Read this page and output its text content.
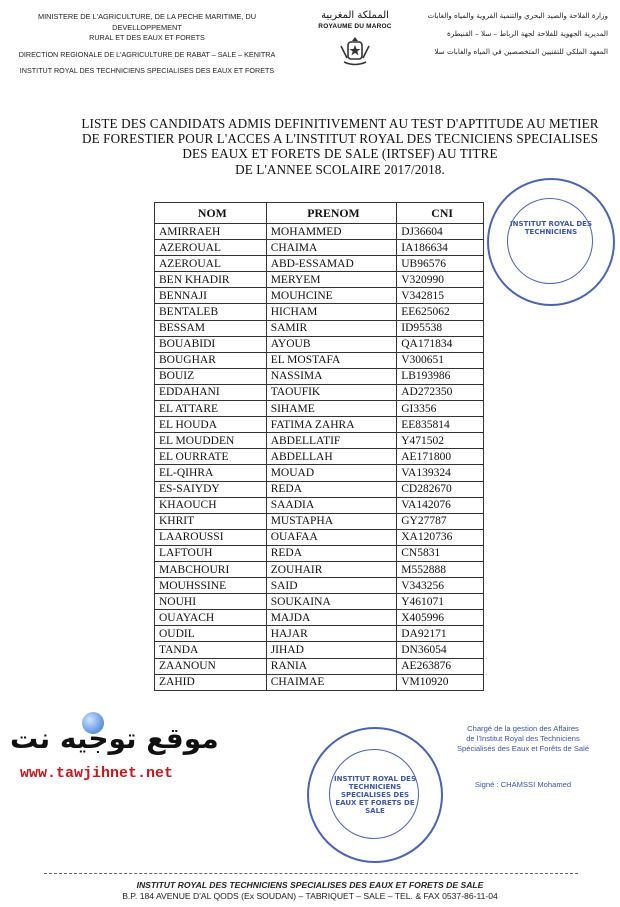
MINISTERE DE L'AGRICULTURE, DE LA PECHE MARITIME, DU DEVELLOPPEMENT
RURAL ET DES EAUX ET FORETS
DIRECTION REGIONALE DE L'AGRICULTURE DE RABAT – SALE – KENITRA
INSTITUT ROYAL DES TECHNICIENS SPECIALISES DES EAUX ET FORETS
المملكة المغربية
ROYAUME DU MAROC
وزارة الفلاحة والصيد البحري والتنمية القروية والمياه والغابات
المديرية الجهوية للفلاحة لجهة الرباط – سلا – القنيطرة
المعهد الملكي للتقنيين المتخصصين في المياه والغابات سلا
LISTE DES CANDIDATS ADMIS DEFINITIVEMENT AU TEST D'APTITUDE AU METIER
DE FORESTIER POUR L'ACCES A L'INSTITUT ROYAL DES TECNICIENS SPECIALISES
DES EAUX ET FORETS DE SALE (IRTSEF) AU TITRE
DE L'ANNEE SCOLAIRE 2017/2018.
NOM	PRENOM	CNI
AMIRRAEH	MOHAMMED	DJ36604
AZEROUAL	CHAIMA	IA186634
AZEROUAL	ABD-ESSAMAD	UB96576
BEN KHADIR	MERYEM	V320990
BENNAJI	MOUHCINE	V342815
BENTALEB	HICHAM	EE625062
BESSAM	SAMIR	ID95538
BOUABIDI	AYOUB	QA171834
BOUGHAR	EL MOSTAFA	V300651
BOUIZ	NASSIMA	LB193986
EDDAHANI	TAOUFIK	AD272350
EL ATTARE	SIHAME	GI3356
EL HOUDA	FATIMA ZAHRA	EE835814
EL MOUDDEN	ABDELLATIF	Y471502
EL OURRATE	ABDELLAH	AE171800
EL-QIHRA	MOUAD	VA139324
ES-SAIYDY	REDA	CD282670
KHAOUCH	SAADIA	VA142076
KHRIT	MUSTAPHA	GY27787
LAAROUSSI	OUAFAA	XA120736
LAFTOUH	REDA	CN5831
MABCHOURI	ZOUHAIR	M552888
MOUHSSINE	SAID	V343256
NOUHI	SOUKAINA	Y461071
OUAYACH	MAJDA	X405996
OUDIL	HAJAR	DA92171
TANDA	JIHAD	DN36054
ZAANOUN	RANIA	AE263876
ZAHID	CHAIMAE	VM10920
INSTITUT ROYAL DES TECHNICIENS
INSTITUT ROYAL DES TECHNICIENS SPECIALISES DES EAUX ET FORETS DE SALE
موقع توجيه نت
www.tawjihnet.net
Chargé de la gestion des Affaires
de l'Institut Royal des Techniciens
Spécialisés des Eaux et Forêts de Salé
Signé : CHAMSSI Mohamed
INSTITUT ROYAL DES TECHNICIENS SPECIALISES DES EAUX ET FORETS DE SALE
B.P. 184 AVENUE D'AL QODS (Ex SOUDAN) – TABRIQUET – SALE – TEL. & FAX 0537-86-11-04
